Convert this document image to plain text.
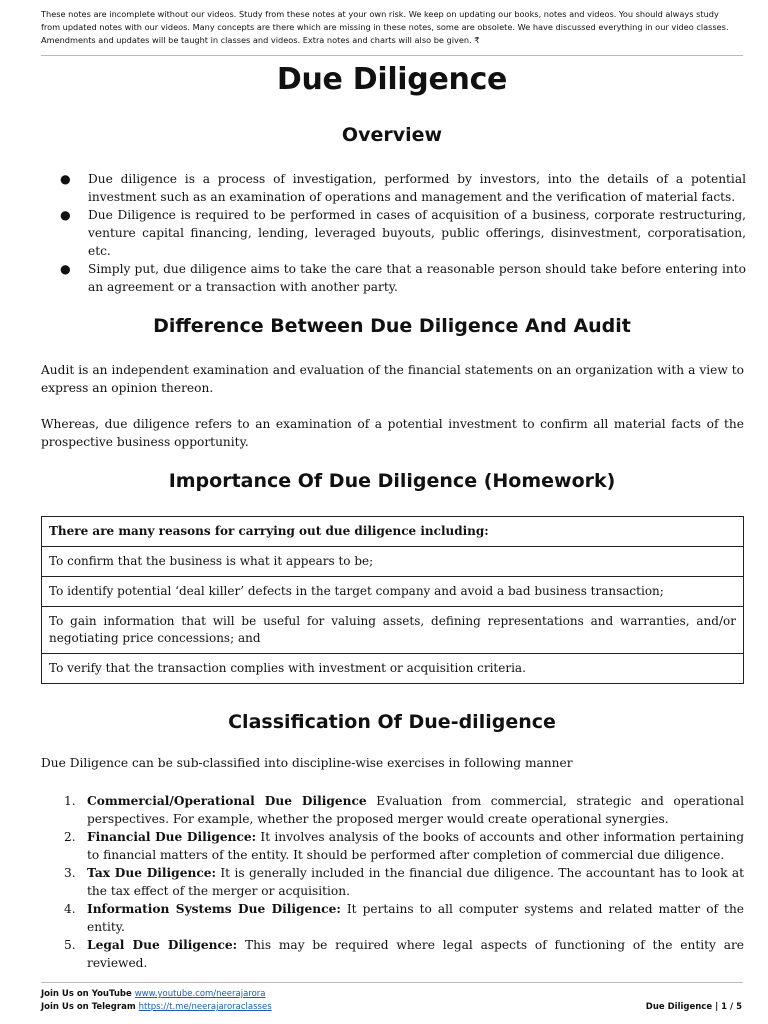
These notes are incomplete without our videos. Study from these notes at your own risk. We keep on updating our books, notes and videos. You should always study from updated notes with our videos. Many concepts are there which are missing in these notes, some are obsolete. We have discussed everything in our video classes. Amendments and updates will be taught in classes and videos. Extra notes and charts will also be given. ₹
Due Diligence
Overview
● Due diligence is a process of investigation, performed by investors, into the details of a potential investment such as an examination of operations and management and the verification of material facts.
● Due Diligence is required to be performed in cases of acquisition of a business, corporate restructuring, venture capital financing, lending, leveraged buyouts, public offerings, disinvestment, corporatisation, etc.
● Simply put, due diligence aims to take the care that a reasonable person should take before entering into an agreement or a transaction with another party.
Difference Between Due Diligence And Audit

Audit is an independent examination and evaluation of the financial statements on an organization with a view to express an opinion thereon.

Whereas, due diligence refers to an examination of a potential investment to confirm all material facts of the prospective business opportunity.

Importance Of Due Diligence (Homework)
There are many reasons for carrying out due diligence including:
To confirm that the business is what it appears to be;
To identify potential ‘deal killer’ defects in the target company and avoid a bad business transaction;
To gain information that will be useful for valuing assets, defining representations and warranties, and/or negotiating price concessions; and
To verify that the transaction complies with investment or acquisition criteria.
Classification Of Due-diligence
Due Diligence can be sub-classified into discipline-wise exercises in following manner
1. Commercial/Operational Due Diligence Evaluation from commercial, strategic and operational perspectives. For example, whether the proposed merger would create operational synergies.
2. Financial Due Diligence: It involves analysis of the books of accounts and other information pertaining to financial matters of the entity. It should be performed after completion of commercial due diligence.
3. Tax Due Diligence: It is generally included in the financial due diligence. The accountant has to look at the tax effect of the merger or acquisition.
4. Information Systems Due Diligence: It pertains to all computer systems and related matter of the entity.
5. Legal Due Diligence: This may be required where legal aspects of functioning of the entity are reviewed.
Join Us on YouTube www.youtube.com/neerajarora
Join Us on Telegram https://t.me/neerajaroraclasses	Due Diligence | 1 / 5
